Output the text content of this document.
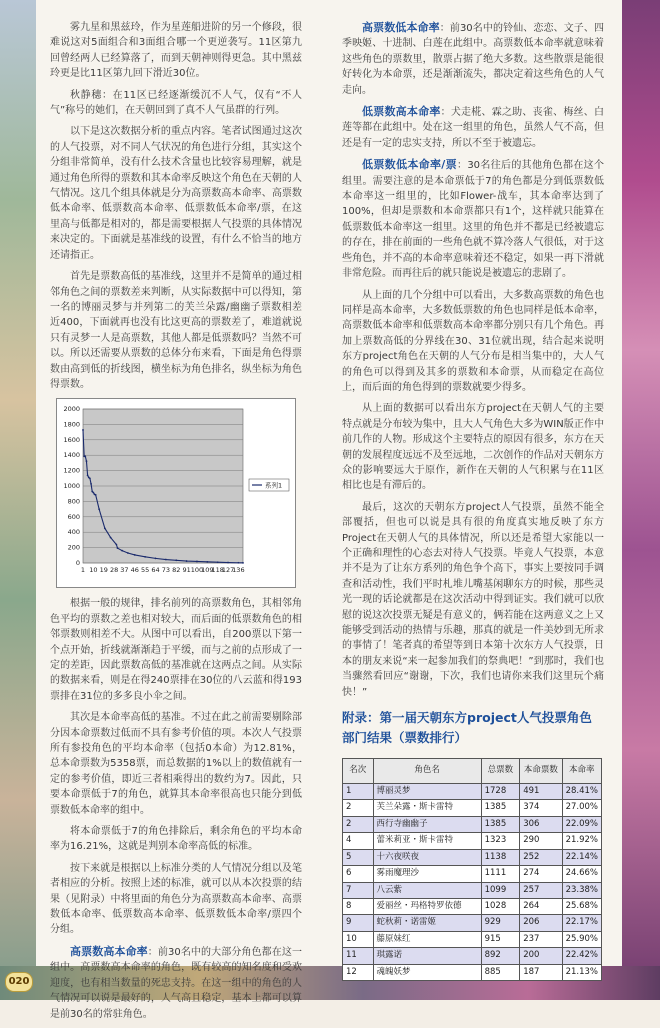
雾九星和黑兹玲，作为星莲船进阶的另一个修段，很难说这对5面组合和3面组合哪一个更逆袭写。11区第九回曾经两人已经算落了，而到天朝神则得更急。其中黑兹玲更是比11区第九回下滑近30位。

秋静穗：在11区已经逐渐缓沉不人气，仅有“不人气”称号的她们，在天朝回到了真不人气虽群的行列。

以下是这次数据分析的重点内容。笔者试图通过这次的人气投票，对不同人气状况的角色进行分组，其实这个分组非常简单，没有什么技术含量也比较容易理解，就是通过角色所得的票数和其本命率反映这个角色在天朝的人气情况。这几个组具体就是分为高票数高本命率、高票数低本命率、低票数高本命率、低票数低本命率/票，在这里高与低都是相对的，都是需要根据人气投票的具体情况来决定的。下面就是基准线的设置，有什么不恰当的地方还请指正。

首先是票数高低的基准线，这里并不是简单的通过相邻角色之间的票数差来判断，从实际数据中可以得知，第一名的博丽灵梦与并列第二的芙兰朵露/幽幽子票数相差近400，下面就再也没有比这更高的票数差了，难道就说只有灵梦一人是高票数，其他人都是低票数吗？当然不可以。所以还需要从票数的总体分布来看，下面是角色得票数由高到低的折线图，横坐标为角色排名，纵坐标为角色得票数。

0
200
400
600
800
1000
1200
1400
1600
1800
2000
1 10 19 28 37 46 55 64 73 82 91 100
109
118
127
136
系列1

根据一般的规律，排名前列的高票数角色，其相邻角色平均的票数之差也相对较大，而后面的低票数角色的相邻票数则相差不大。从图中可以看出，自200票以下第一个点开始，折线就渐渐趋于平缓，而与之前的点形成了一定的差距，因此票数高低的基准就在这两点之间。从实际的数据来看，则是在得240票排在30位的八云蓝和得193票排在31位的多多良小伞之间。

其次是本命率高低的基准。不过在此之前需要剔除部分因本命票数过低而不具有参考价值的项。本次人气投票所有参投角色的平均本命率（包括0本命）为12.81%，总本命票数为5358票，而总数据的1%以上的数值就有一定的参考价值，即近三者相乘得出的数约为7。因此，只要本命票低于7的角色，就算其本命率很高也只能分到低票数低本命率的组中。

将本命票低于7的角色排除后，剩余角色的平均本命率为16.21%，这就是判别本命率高低的标准。

按下来就是根据以上标准分类的人气情况分组以及笔者相应的分析。按照上述的标准，就可以从本次投票的结果（见附录）中将里面的角色分为高票数高本命率、高票数低本命率、低票数高本命率、低票数低本命率/票四个分组。

高票数高本命率：前30名中的大部分角色都在这一组中。高票数高本命率的角色，既有较高的知名度和受欢迎度，也有相当数量的死忠支持。在这一组中的角色的人气情况可以说是最好的，人气高且稳定，基本上都可以算是前30名的常驻角色。

高票数低本命率：前30名中的铃仙、恋恋、文子、四季映姬、十进制、白莲在此组中。高票数低本命率就意味着这些角色的票数里，散票占据了绝大多数。这些散票是能很好转化为本命票，还是渐渐流失，都决定着这些角色的人气走向。

低票数高本命率：犬走椛、霖之助、丧雀、梅丝、白莲等都在此组中。处在这一组里的角色，虽然人气不高，但还是有一定的忠实支持，所以不至于被遗忘。

低票数低本命率/票：30名往后的其他角色都在这个组里。需要注意的是本命票低于7的角色都是分到低票数低本命率这一组里的，比如Flower-战车，其本命率达到了100%，但却是票数和本命票都只有1个，这样就只能算在低票数低本命率这一组里。这里的角色并不都是已经被遗忘的存在，排在前面的一些角色就不算冷落人气很低，对于这些角色，并不高的本命率意味着还不稳定，如果一再下滑就非常危险。而再往后的就只能说是被遗忘的悲剧了。

从上面的几个分组中可以看出，大多数高票数的角色也同样是高本命率，大多数低票数的角色也同样是低本命率，高票数低本命率和低票数高本命率都分别只有几个角色。再加上票数高低的分界线在30、31位就出现，结合起来说明东方project角色在天朝的人气分布是相当集中的，大人气的角色可以得到及其多的票数和本命票，从而稳定在高位上，而后面的角色得到的票数就要少得多。

从上面的数据可以看出东方project在天朝人气的主要特点就是分布较为集中，且大人气角色大多为WIN版正作中前几作的人物。形成这个主要特点的原因有很多，东方在天朝的发展程度远远不及至远地，二次创作的作品对天朝东方众的影响要远大于原作，新作在天朝的人气积累与在11区相比也是有滞后的。

最后，这次的天朝东方project人气投票，虽然不能全部覆括，但也可以说是具有很的角度真实地反映了东方Project在天朝人气的具体情况，所以还是希望大家能以一个正确和理性的心态去对待人气投票。毕竟人气投票，本意并不是为了让东方系列的角色争个高下，事实上要按同手调查和活动性，我们平时札堆儿嘴基闲聊东方的时候，那些灵光一现的话论就都是在这次活动中得到证实。我们就可以欣慰的说这次投票无疑是有意义的，俩若能在这两意义之上又能够受到活动的热情与乐趣，那真的就是一件美妙到无所求的事情了！笔者真的希望等到日本第十次东方人气投票，日本的朋友来说“来一起参加我们的祭典吧！”到那时，我们也当骤然看回应“谢谢，下次，我们也请你来我们这里玩个痛快！”

附录：第一届天朝东方project人气投票角色部门结果（票数排行）
名次	角色名	总票数	本命票数	本命率
1	博丽灵梦	1728	491	28.41%
2	芙兰朵露・斯卡雷特	1385	374	27.00%
2	西行寺幽幽子	1385	306	22.09%
4	蕾米莉亚・斯卡雷特	1323	290	21.92%
5	十六夜咲夜	1138	252	22.14%
6	雾雨魔理沙	1111	274	24.66%
7	八云紫	1099	257	23.38%
8	爱丽丝・玛格特罗依德	1028	264	25.68%
9	蛇秋莉・诺雷姬	929	206	22.17%
10	藤原妹红	915	237	25.90%
11	琪露诺	892	200	22.42%
12	魂魄妖梦	885	187	21.13%
020
